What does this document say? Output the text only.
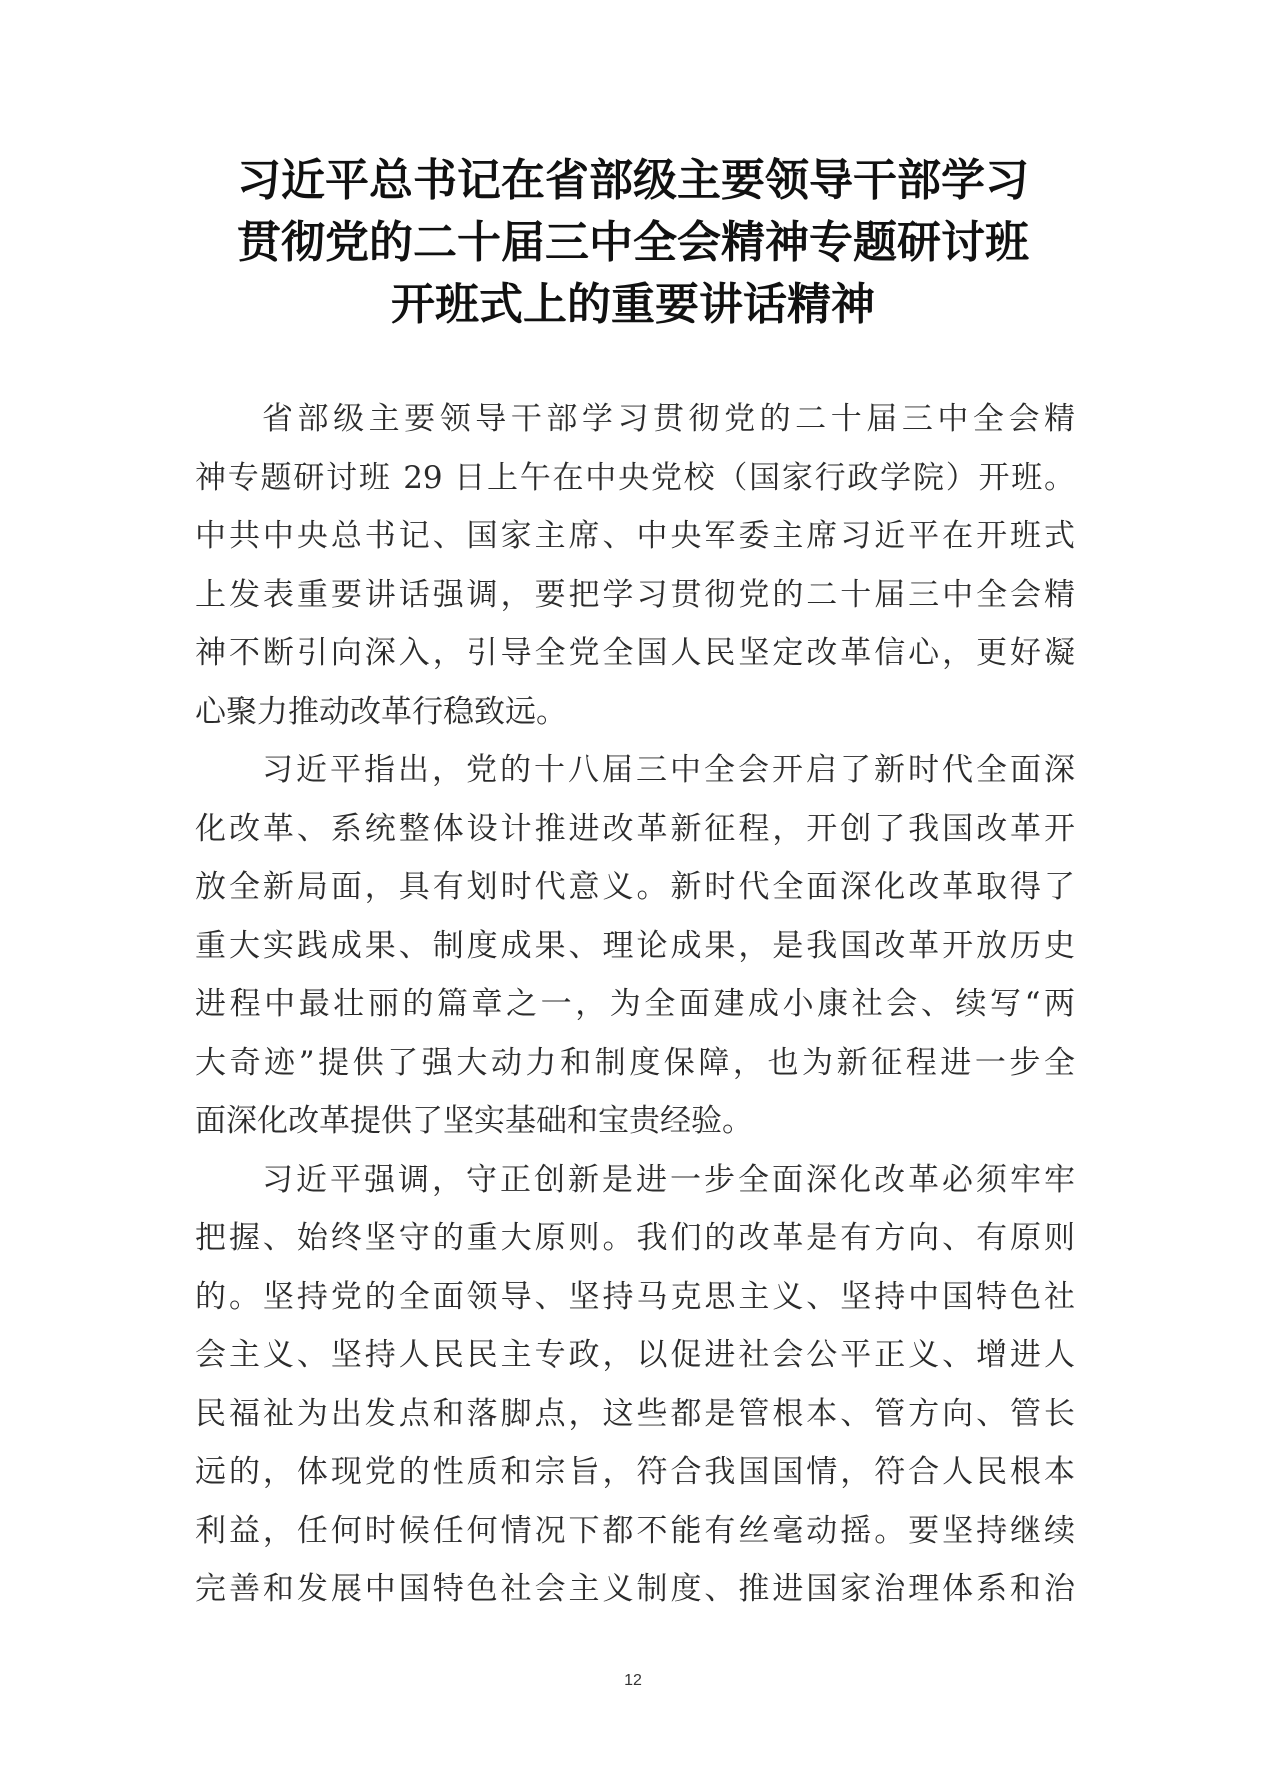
习近平总书记在省部级主要领导干部学习
贯彻党的二十届三中全会精神专题研讨班
开班式上的重要讲话精神
省部级主要领导干部学习贯彻党的二十届三中全会精
神专题研讨班 29 日上午在中央党校（国家行政学院）开班。
中共中央总书记、国家主席、中央军委主席习近平在开班式
上发表重要讲话强调，要把学习贯彻党的二十届三中全会精
神不断引向深入，引导全党全国人民坚定改革信心，更好凝
心聚力推动改革行稳致远。
习近平指出，党的十八届三中全会开启了新时代全面深
化改革、系统整体设计推进改革新征程，开创了我国改革开
放全新局面，具有划时代意义。新时代全面深化改革取得了
重大实践成果、制度成果、理论成果，是我国改革开放历史
进程中最壮丽的篇章之一，为全面建成小康社会、续写“两
大奇迹”提供了强大动力和制度保障，也为新征程进一步全
面深化改革提供了坚实基础和宝贵经验。
习近平强调，守正创新是进一步全面深化改革必须牢牢
把握、始终坚守的重大原则。我们的改革是有方向、有原则
的。坚持党的全面领导、坚持马克思主义、坚持中国特色社
会主义、坚持人民民主专政，以促进社会公平正义、增进人
民福祉为出发点和落脚点，这些都是管根本、管方向、管长
远的，体现党的性质和宗旨，符合我国国情，符合人民根本
利益，任何时候任何情况下都不能有丝毫动摇。要坚持继续
完善和发展中国特色社会主义制度、推进国家治理体系和治
12
